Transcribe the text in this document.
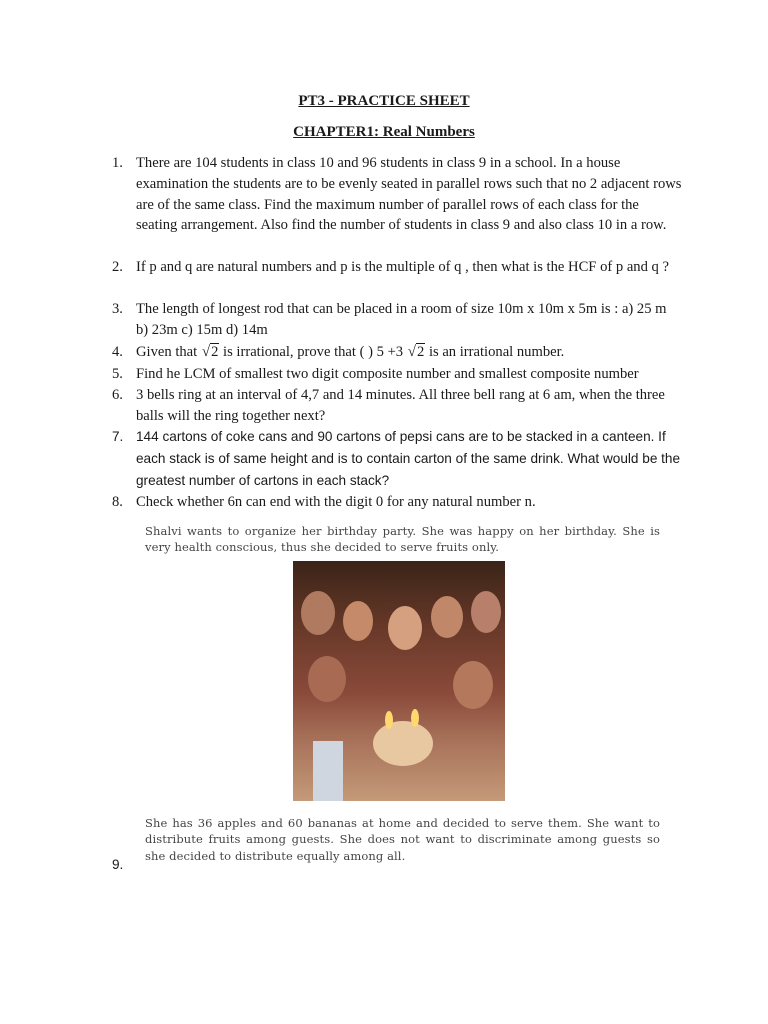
PT3 - PRACTICE SHEET
CHAPTER1: Real Numbers
1. There are 104 students in class 10 and 96 students in class 9 in a school. In a house examination the students are to be evenly seated in parallel rows such that no 2 adjacent rows are of the same class. Find the maximum number of parallel rows of each class for the seating arrangement. Also find the number of students in class 9 and also class 10 in a row.
2. If p and q are natural numbers and p is the multiple of q , then what is the HCF of p and q ?
3. The length of longest rod that can be placed in a room of size 10m x 10m x 5m is : a) 25 m b) 23m c) 15m d) 14m
4. Given that √2 is irrational, prove that ( ) 5 +3 √2 is an irrational number.
5. Find he LCM of smallest two digit composite number and smallest composite number
6. 3 bells ring at an interval of 4,7 and 14 minutes. All three bell rang at 6 am, when the three balls will the ring together next?
7. 144 cartons of coke cans and 90 cartons of pepsi cans are to be stacked in a canteen. If each stack is of same height and is to contain carton of the same drink. What would be the greatest number of cartons in each stack?
8. Check whether 6n can end with the digit 0 for any natural number n.
Shalvi wants to organize her birthday party. She was happy on her birthday. She is very health conscious, thus she decided to serve fruits only.
She has 36 apples and 60 bananas at home and decided to serve them. She want to distribute fruits among guests. She does not want to discriminate among guests so she decided to distribute equally among all.
9.
